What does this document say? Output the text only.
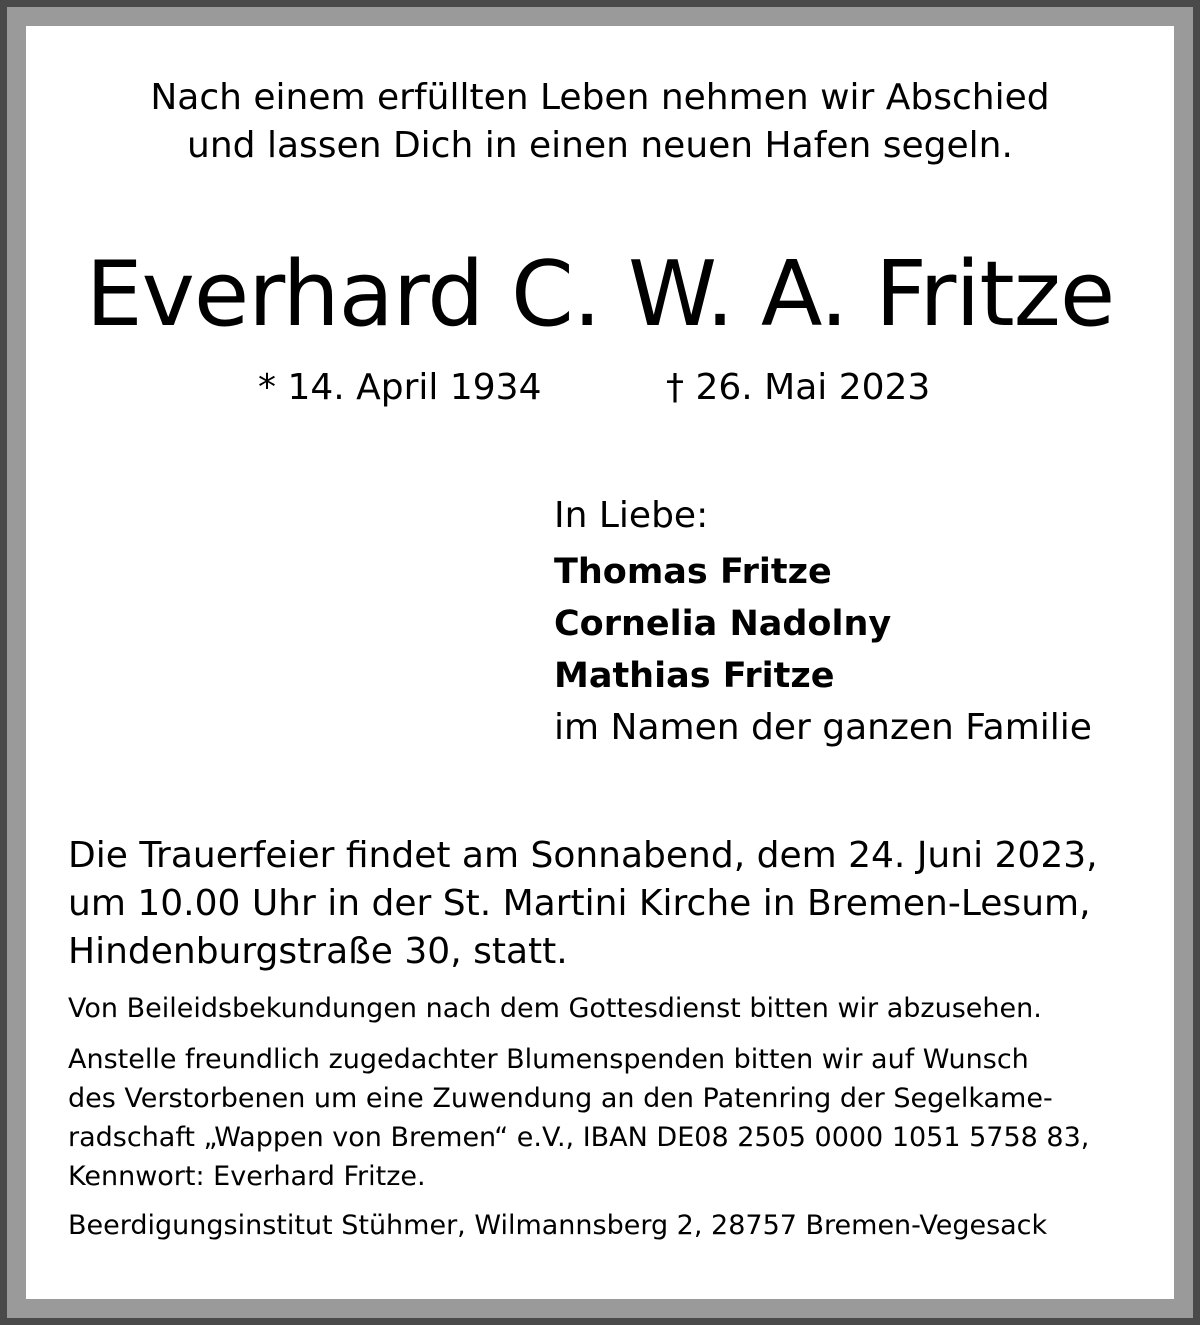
Nach einem erfüllten Leben nehmen wir Abschied
und lassen Dich in einen neuen Hafen segeln.
Everhard C. W. A. Fritze
* 14. April 1934	† 26. Mai 2023
In Liebe:
Thomas Fritze
Cornelia Nadolny
Mathias Fritze
im Namen der ganzen Familie
Die Trauerfeier findet am Sonnabend, dem 24. Juni 2023,
um 10.00 Uhr in der St. Martini Kirche in Bremen-Lesum,
Hindenburgstraße 30, statt.
Von Beileidsbekundungen nach dem Gottesdienst bitten wir abzusehen.
Anstelle freundlich zugedachter Blumenspenden bitten wir auf Wunsch
des Verstorbenen um eine Zuwendung an den Patenring der Segelkame-
radschaft „Wappen von Bremen“ e.V., IBAN DE08 2505 0000 1051 5758 83,
Kennwort: Everhard Fritze.
Beerdigungsinstitut Stühmer, Wilmannsberg 2, 28757 Bremen-Vegesack
